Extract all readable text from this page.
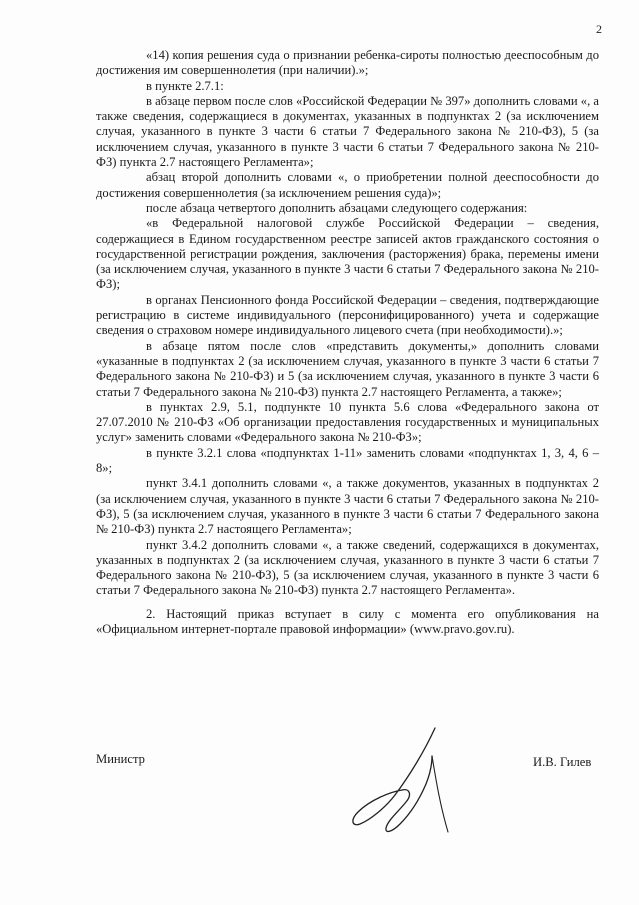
2

«14) копия решения суда о признании ребенка-сироты полностью дееспособным до достижения им совершеннолетия (при наличии).»;

в пункте 2.7.1:

в абзаце первом после слов «Российской Федерации № 397» дополнить словами «, а также сведения, содержащиеся в документах, указанных в подпунктах 2 (за исключением случая, указанного в пункте 3 части 6 статьи 7 Федерального закона № 210-ФЗ), 5 (за исключением случая, указанного в пункте 3 части 6 статьи 7 Федерального закона № 210-ФЗ) пункта 2.7 настоящего Регламента»;

абзац второй дополнить словами «, о приобретении полной дееспособности до достижения совершеннолетия (за исключением решения суда)»;

после абзаца четвертого дополнить абзацами следующего содержания:

«в Федеральной налоговой службе Российской Федерации – сведения, содержащиеся в Едином государственном реестре записей актов гражданского состояния о государственной регистрации рождения, заключения (расторжения) брака, перемены имени (за исключением случая, указанного в пункте 3 части 6 статьи 7 Федерального закона № 210-ФЗ);

в органах Пенсионного фонда Российской Федерации – сведения, подтверждающие регистрацию в системе индивидуального (персонифицированного) учета и содержащие сведения о страховом номере индивидуального лицевого счета (при необходимости).»;

в абзаце пятом после слов «представить документы,» дополнить словами «указанные в подпунктах 2 (за исключением случая, указанного в пункте 3 части 6 статьи 7 Федерального закона № 210-ФЗ) и 5 (за исключением случая, указанного в пункте 3 части 6 статьи 7 Федерального закона № 210-ФЗ) пункта 2.7 настоящего Регламента, а также»;

в пунктах 2.9, 5.1, подпункте 10 пункта 5.6 слова «Федерального закона от 27.07.2010 № 210-ФЗ «Об организации предоставления государственных и муниципальных услуг» заменить словами «Федерального закона № 210-ФЗ»;

в пункте 3.2.1 слова «подпунктах 1-11» заменить словами «подпунктах 1, 3, 4, 6 – 8»;

пункт 3.4.1 дополнить словами «, а также документов, указанных в подпунктах 2 (за исключением случая, указанного в пункте 3 части 6 статьи 7 Федерального закона № 210-ФЗ), 5 (за исключением случая, указанного в пункте 3 части 6 статьи 7 Федерального закона № 210-ФЗ) пункта 2.7 настоящего Регламента»;

пункт 3.4.2 дополнить словами «, а также сведений, содержащихся в документах, указанных в подпунктах 2 (за исключением случая, указанного в пункте 3 части 6 статьи 7 Федерального закона № 210-ФЗ), 5 (за исключением случая, указанного в пункте 3 части 6 статьи 7 Федерального закона № 210-ФЗ) пункта 2.7 настоящего Регламента».

2. Настоящий приказ вступает в силу с момента его опубликования на «Официальном интернет-портале правовой информации» (www.pravo.gov.ru).

Министр	И.В. Гилев
